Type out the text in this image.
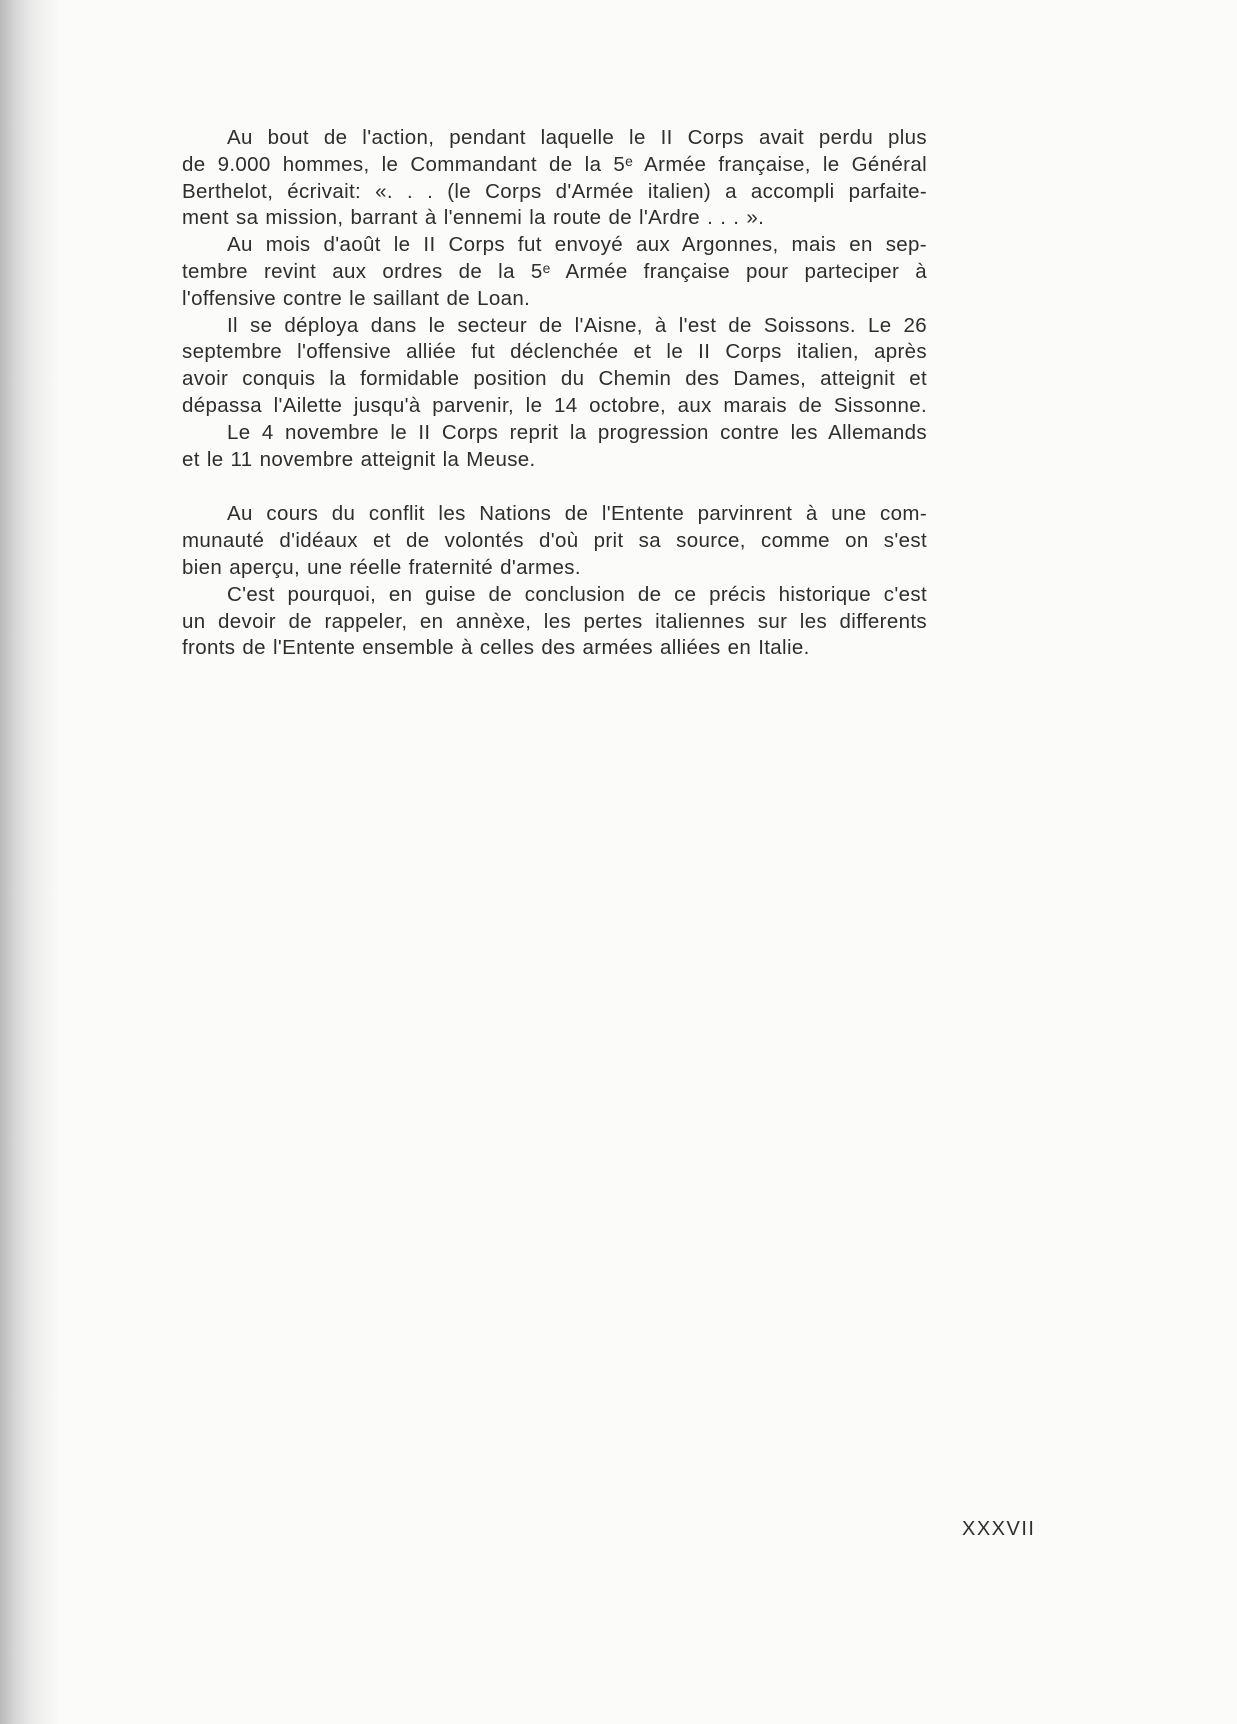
Au bout de l'action, pendant laquelle le II Corps avait perdu plus
de 9.000 hommes, le Commandant de la 5ᵉ Armée française, le Général
Berthelot, écrivait: «. . . (le Corps d'Armée italien) a accompli parfaite-
ment sa mission, barrant à l'ennemi la route de l'Ardre . . . ».

Au mois d'août le II Corps fut envoyé aux Argonnes, mais en sep-
tembre revint aux ordres de la 5ᵉ Armée française pour parteciper à
l'offensive contre le saillant de Loan.

Il se déploya dans le secteur de l'Aisne, à l'est de Soissons. Le 26
septembre l'offensive alliée fut déclenchée et le II Corps italien, après
avoir conquis la formidable position du Chemin des Dames, atteignit et
dépassa l'Ailette jusqu'à parvenir, le 14 octobre, aux marais de Sissonne.

Le 4 novembre le II Corps reprit la progression contre les Allemands
et le 11 novembre atteignit la Meuse.

Au cours du conflit les Nations de l'Entente parvinrent à une com-
munauté d'idéaux et de volontés d'où prit sa source, comme on s'est
bien aperçu, une réelle fraternité d'armes.

C'est pourquoi, en guise de conclusion de ce précis historique c'est
un devoir de rappeler, en annèxe, les pertes italiennes sur les differents
fronts de l'Entente ensemble à celles des armées alliées en Italie.

XXXVII
